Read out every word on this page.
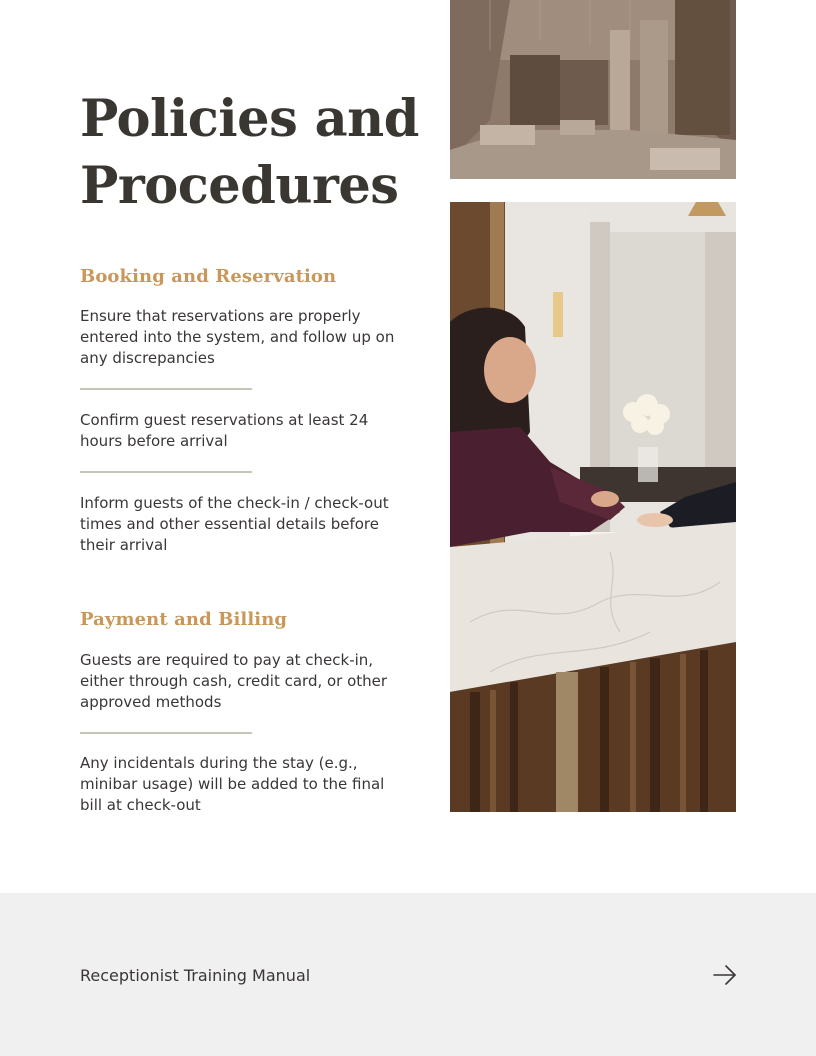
Policies and Procedures
Booking and Reservation

Ensure that reservations are properly entered into the system, and follow up on any discrepancies

Confirm guest reservations at least 24 hours before arrival

Inform guests of the check-in / check-out times and other essential details before their arrival

Payment and Billing

Guests are required to pay at check-in, either through cash, credit card, or other approved methods

Any incidentals during the stay (e.g., minibar usage) will be added to the final bill at check-out

Receptionist Training Manual
